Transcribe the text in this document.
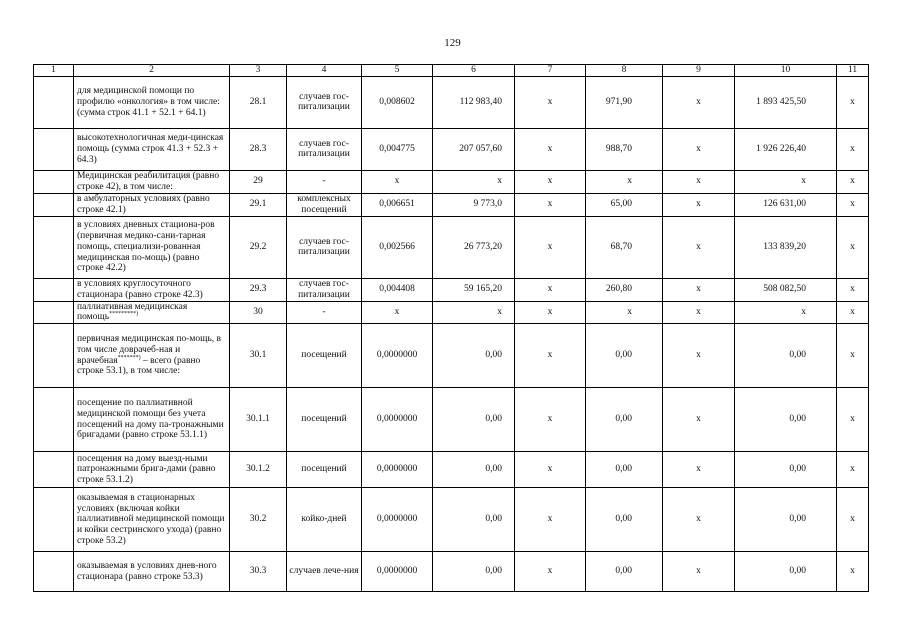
129
1	2	3	4	5	6	7	8	9	10	11
	для медицинской помощи по профилю «онкология» в том числе: (сумма строк 41.1 + 52.1 + 64.1)	28.1	случаев гос-питализации	0,008602	112 983,40	х	971,90	х	1 893 425,50	х
	высокотехнологичная меди-цинская помощь (сумма строк 41.3 + 52.3 + 64.3)	28.3	случаев гос-питализации	0,004775	207 057,60	х	988,70	х	1 926 226,40	х
	Медицинская реабилитация (равно строке 42), в том числе:	29	-	х	х	х	х	х	х	х
	в амбулаторных условиях (равно строке 42.1)	29.1	комплексных посещений	0,006651	9 773,0	х	65,00	х	126 631,00	х
	в условиях дневных стациона-ров (первичная медико-сани-тарная помощь, специализи-рованная медицинская по-мощь) (равно строке 42.2)	29.2	случаев гос-питализации	0,002566	26 773,20	х	68,70	х	133 839,20	х
	в условиях круглосуточного стационара (равно строке 42.3)	29.3	случаев гос-питализации	0,004408	59 165,20	х	260,80	х	508 082,50	х
	паллиативная медицинская помощь*********)	30	-	х	х	х	х	х	х	х
	первичная медицинская по-мощь, в том числе доврачеб-ная и врачебная*******) – всего (равно строке 53.1), в том числе:	30.1	посещений	0,0000000	0,00	х	0,00	х	0,00	х
	посещение по паллиативной медицинской помощи без учета посещений на дому па-тронажными бригадами (равно строке 53.1.1)	30.1.1	посещений	0,0000000	0,00	х	0,00	х	0,00	х
	посещения на дому выезд-ными патронажными брига-дами (равно строке 53.1.2)	30.1.2	посещений	0,0000000	0,00	х	0,00	х	0,00	х
	оказываемая в стационарных условиях (включая койки паллиативной медицинской помощи и койки сестринского ухода) (равно строке 53.2)	30.2	койко-дней	0,0000000	0,00	х	0,00	х	0,00	х
	оказываемая в условиях днев-ного стационара (равно строке 53.3)	30.3	случаев лече-ния	0,0000000	0,00	х	0,00	х	0,00	х
